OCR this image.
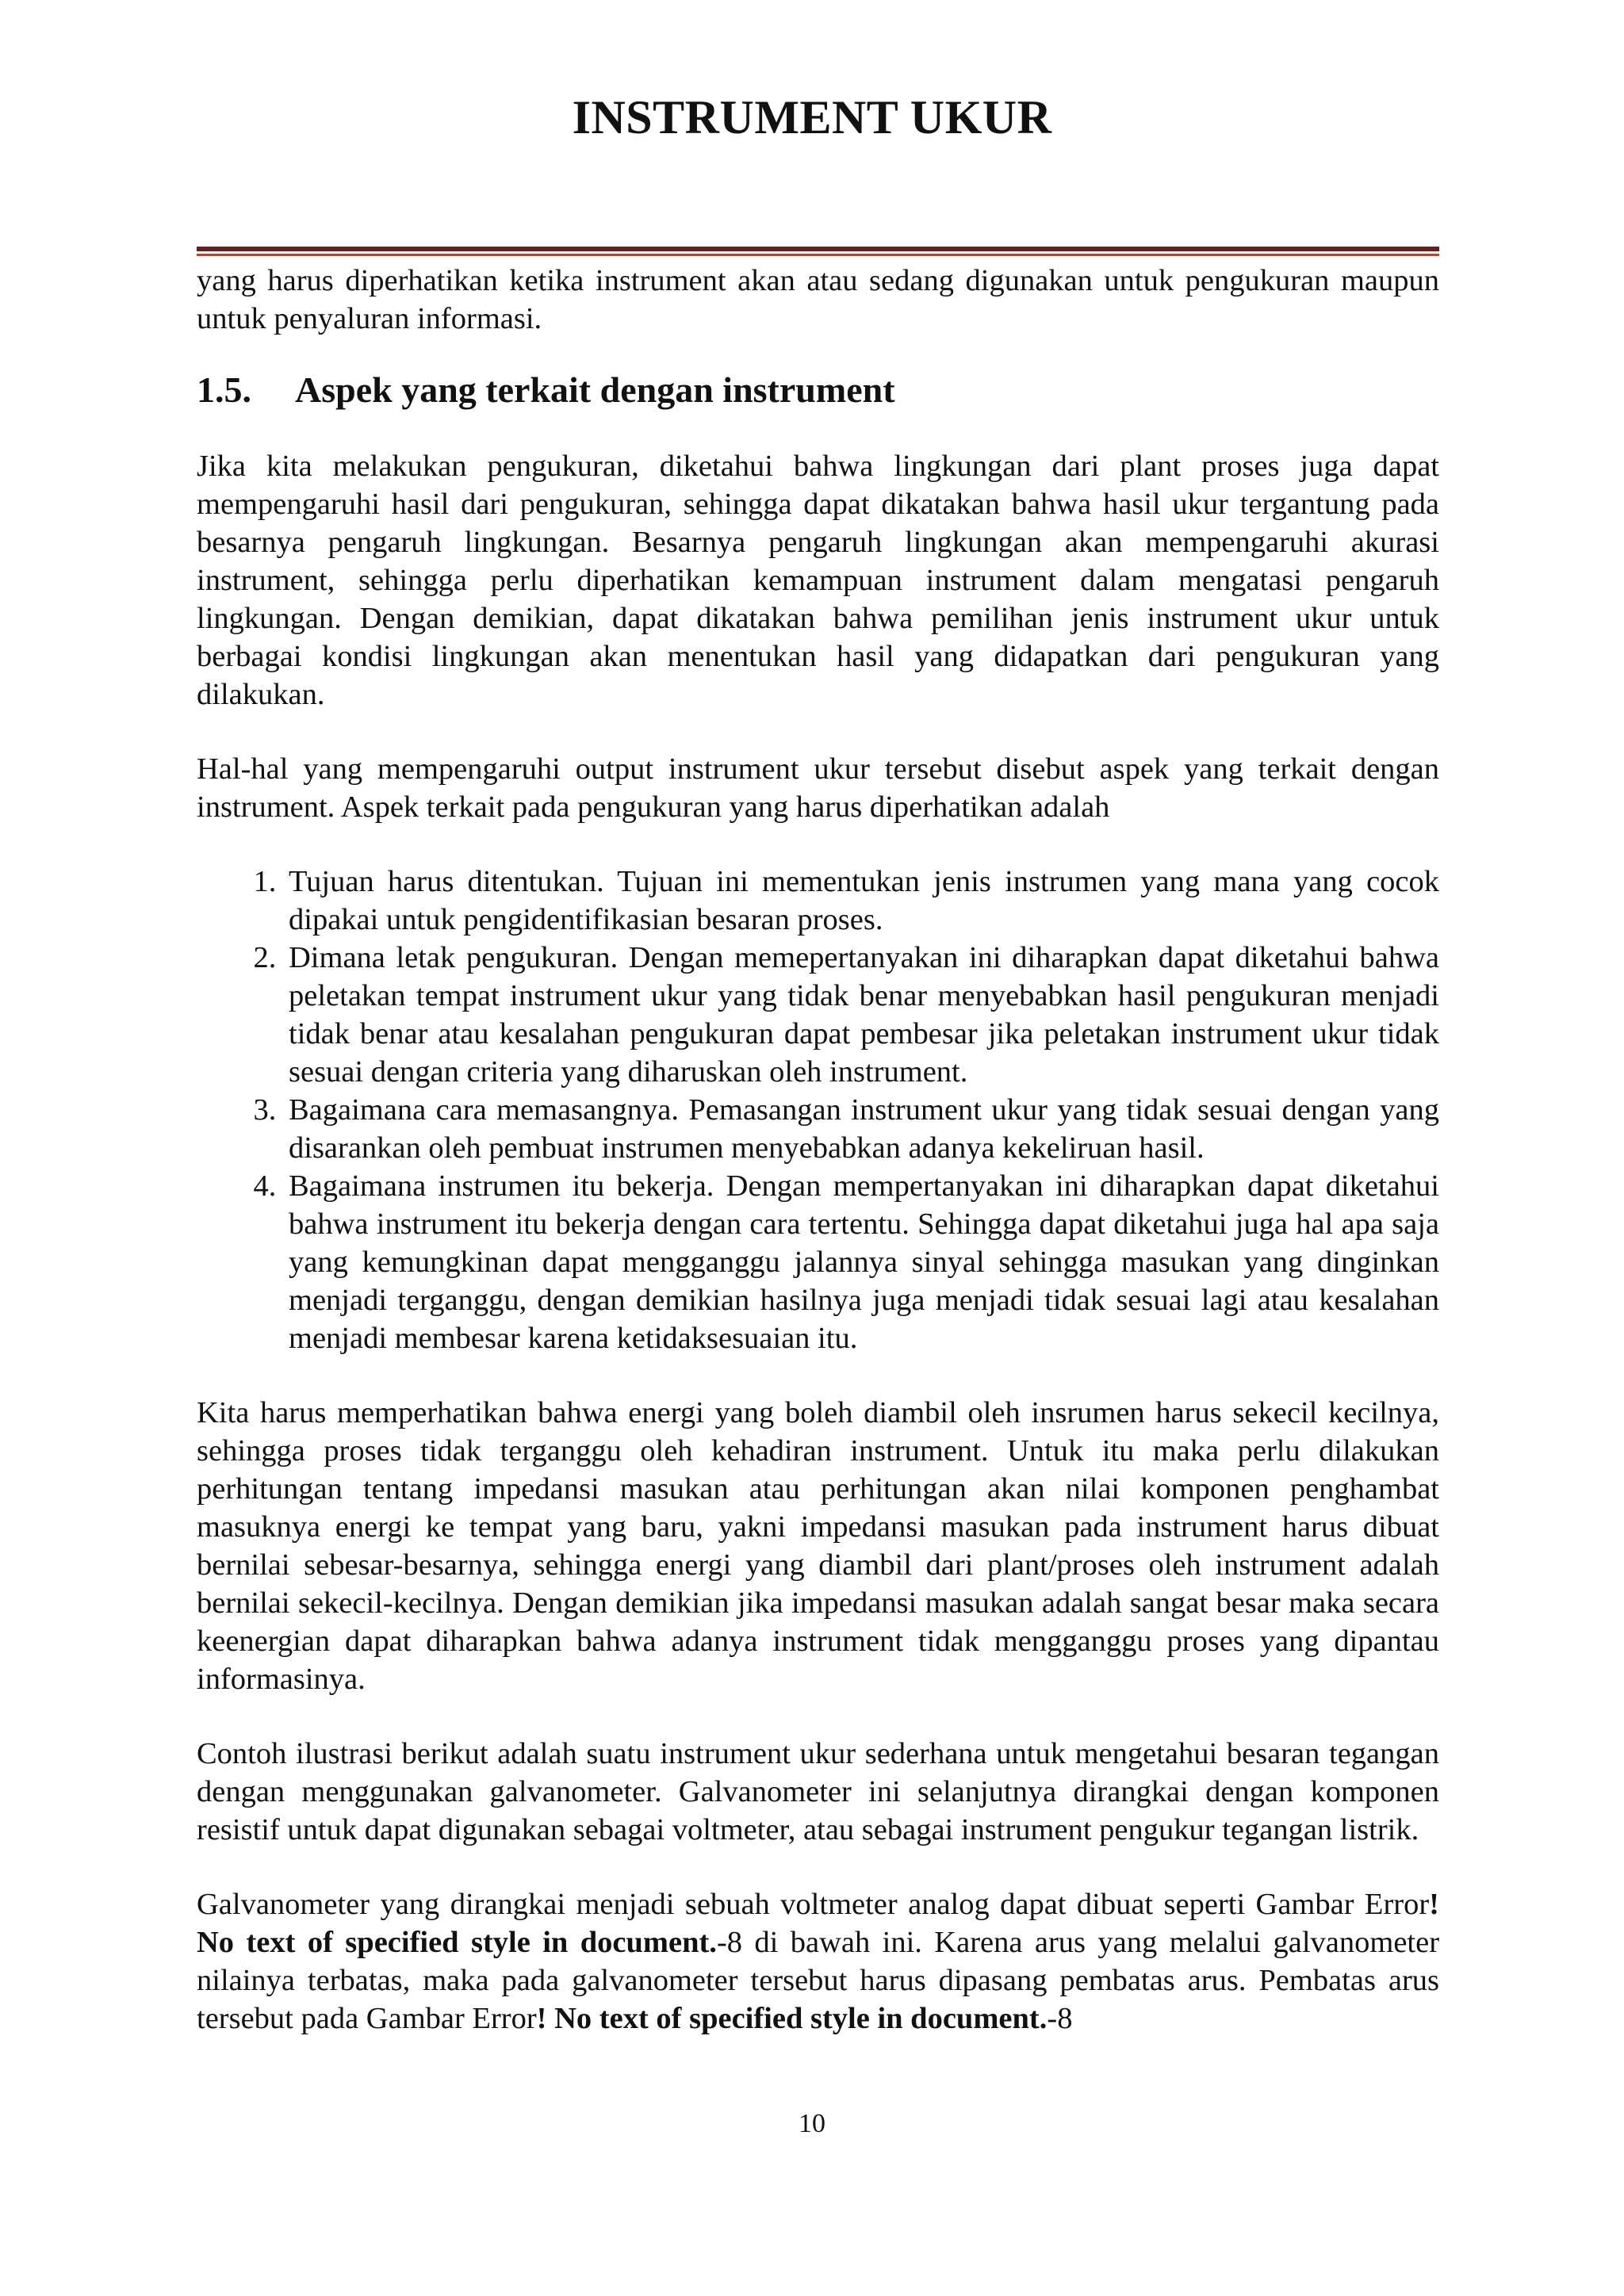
INSTRUMENT UKUR

yang harus diperhatikan ketika instrument akan atau sedang digunakan untuk pengukuran maupun untuk penyaluran informasi.

1.5. Aspek yang terkait dengan instrument

Jika kita melakukan pengukuran, diketahui bahwa lingkungan dari plant proses juga dapat mempengaruhi hasil dari pengukuran, sehingga dapat dikatakan bahwa hasil ukur tergantung pada besarnya pengaruh lingkungan. Besarnya pengaruh lingkungan akan mempengaruhi akurasi instrument, sehingga perlu diperhatikan kemampuan instrument dalam mengatasi pengaruh lingkungan. Dengan demikian, dapat dikatakan bahwa pemilihan jenis instrument ukur untuk berbagai kondisi lingkungan akan menentukan hasil yang didapatkan dari pengukuran yang dilakukan.

Hal-hal yang mempengaruhi output instrument ukur tersebut disebut aspek yang terkait dengan instrument. Aspek terkait pada pengukuran yang harus diperhatikan adalah

1. Tujuan harus ditentukan. Tujuan ini mementukan jenis instrumen yang mana yang cocok dipakai untuk pengidentifikasian besaran proses.
2. Dimana letak pengukuran. Dengan memepertanyakan ini diharapkan dapat diketahui bahwa peletakan tempat instrument ukur yang tidak benar menyebabkan hasil pengukuran menjadi tidak benar atau kesalahan pengukuran dapat pembesar jika peletakan instrument ukur tidak sesuai dengan criteria yang diharuskan oleh instrument.
3. Bagaimana cara memasangnya. Pemasangan instrument ukur yang tidak sesuai dengan yang disarankan oleh pembuat instrumen menyebabkan adanya kekeliruan hasil.
4. Bagaimana instrumen itu bekerja. Dengan mempertanyakan ini diharapkan dapat diketahui bahwa instrument itu bekerja dengan cara tertentu. Sehingga dapat diketahui juga hal apa saja yang kemungkinan dapat mengganggu jalannya sinyal sehingga masukan yang dinginkan menjadi terganggu, dengan demikian hasilnya juga menjadi tidak sesuai lagi atau kesalahan menjadi membesar karena ketidaksesuaian itu.

Kita harus memperhatikan bahwa energi yang boleh diambil oleh insrumen harus sekecil kecilnya, sehingga proses tidak terganggu oleh kehadiran instrument. Untuk itu maka perlu dilakukan perhitungan tentang impedansi masukan atau perhitungan akan nilai komponen penghambat masuknya energi ke tempat yang baru, yakni impedansi masukan pada instrument harus dibuat bernilai sebesar-besarnya, sehingga energi yang diambil dari plant/proses oleh instrument adalah bernilai sekecil-kecilnya. Dengan demikian jika impedansi masukan adalah sangat besar maka secara keenergian dapat diharapkan bahwa adanya instrument tidak mengganggu proses yang dipantau informasinya.

Contoh ilustrasi berikut adalah suatu instrument ukur sederhana untuk mengetahui besaran tegangan dengan menggunakan galvanometer. Galvanometer ini selanjutnya dirangkai dengan komponen resistif untuk dapat digunakan sebagai voltmeter, atau sebagai instrument pengukur tegangan listrik.

Galvanometer yang dirangkai menjadi sebuah voltmeter analog dapat dibuat seperti Gambar Error! No text of specified style in document.-8 di bawah ini. Karena arus yang melalui galvanometer nilainya terbatas, maka pada galvanometer tersebut harus dipasang pembatas arus. Pembatas arus tersebut pada Gambar Error! No text of specified style in document.-8

10
